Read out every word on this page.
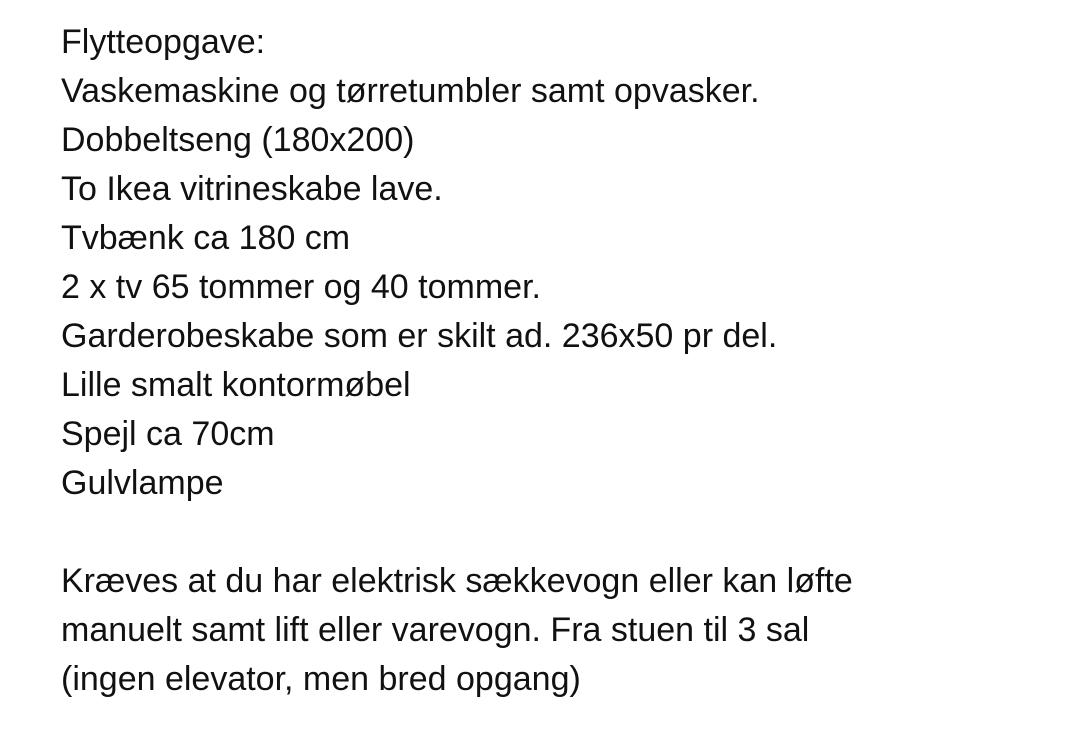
Flytteopgave:
Vaskemaskine og tørretumbler samt opvasker.
Dobbeltseng (180x200)
To Ikea vitrineskabe lave.
Tvbænk ca 180 cm
2 x tv 65 tommer og 40 tommer.
Garderobeskabe som er skilt ad. 236x50 pr del.
Lille smalt kontormøbel
Spejl ca 70cm
Gulvlampe
Kræves at du har elektrisk sækkevogn eller kan løfte
manuelt samt lift eller varevogn. Fra stuen til 3 sal
(ingen elevator, men bred opgang)
